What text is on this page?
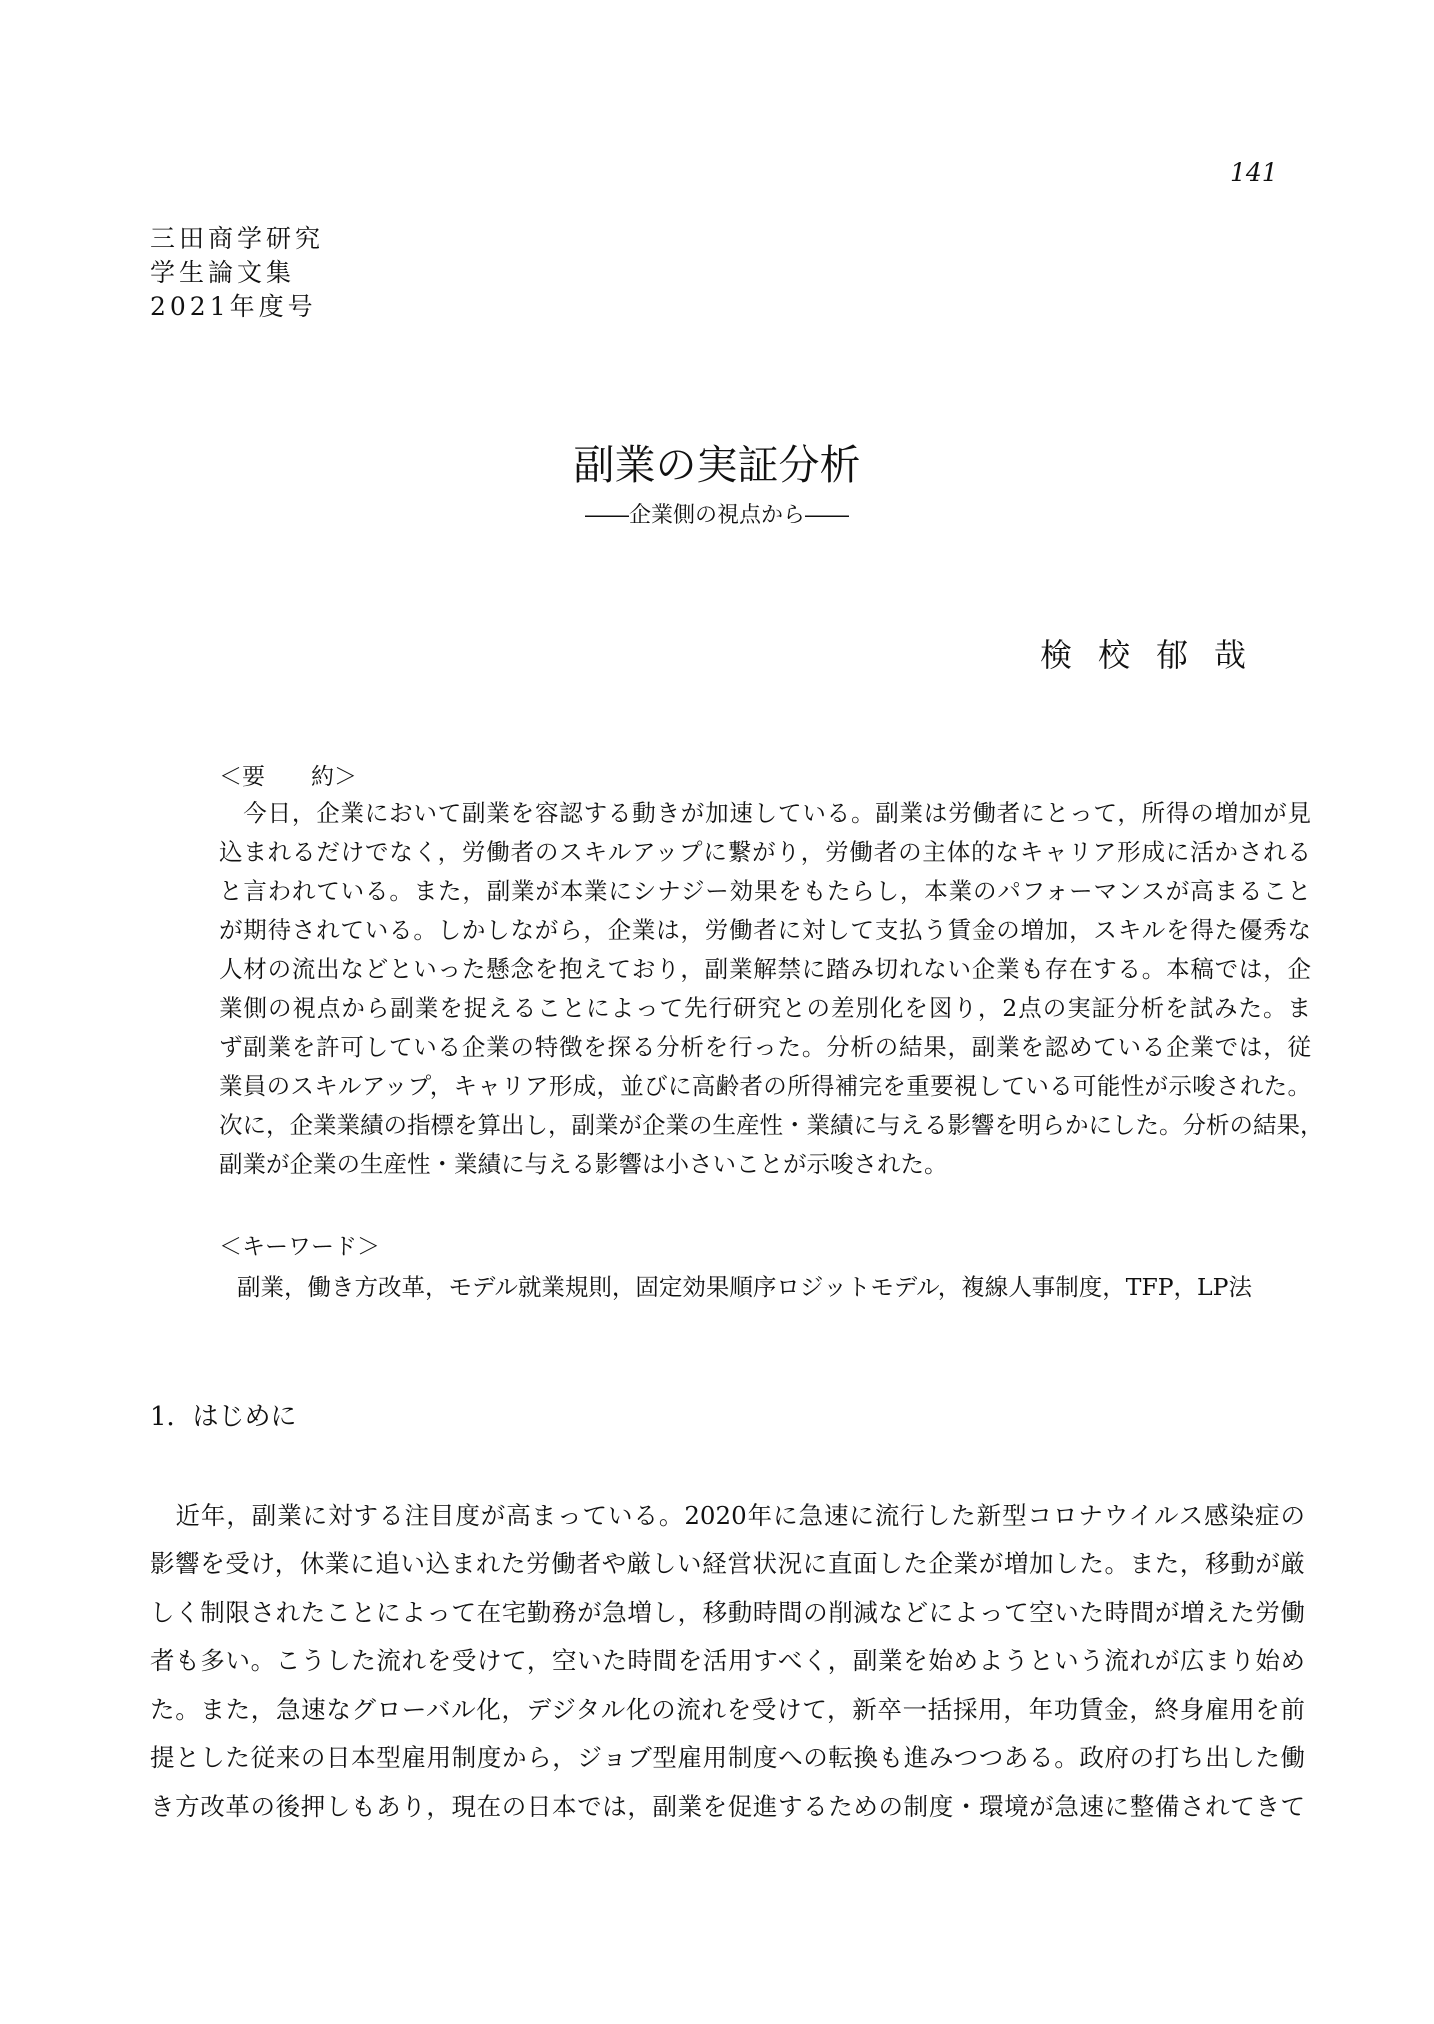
141
三田商学研究
学生論文集
2021年度号
副業の実証分析
――企業側の視点から――
検校郁哉
＜要　　約＞
　今日，企業において副業を容認する動きが加速している。副業は労働者にとって，所得の増加が見
込まれるだけでなく，労働者のスキルアップに繋がり，労働者の主体的なキャリア形成に活かされる
と言われている。また，副業が本業にシナジー効果をもたらし，本業のパフォーマンスが高まること
が期待されている。しかしながら，企業は，労働者に対して支払う賃金の増加，スキルを得た優秀な
人材の流出などといった懸念を抱えており，副業解禁に踏み切れない企業も存在する。本稿では，企
業側の視点から副業を捉えることによって先行研究との差別化を図り，2点の実証分析を試みた。ま
ず副業を許可している企業の特徴を探る分析を行った。分析の結果，副業を認めている企業では，従
業員のスキルアップ，キャリア形成，並びに高齢者の所得補完を重要視している可能性が示唆された。
次に，企業業績の指標を算出し，副業が企業の生産性・業績に与える影響を明らかにした。分析の結果，
副業が企業の生産性・業績に与える影響は小さいことが示唆された。
＜キーワード＞
副業，働き方改革，モデル就業規則，固定効果順序ロジットモデル，複線人事制度，TFP，LP法
1．はじめに
　近年，副業に対する注目度が高まっている。2020年に急速に流行した新型コロナウイルス感染症の
影響を受け，休業に追い込まれた労働者や厳しい経営状況に直面した企業が増加した。また，移動が厳
しく制限されたことによって在宅勤務が急増し，移動時間の削減などによって空いた時間が増えた労働
者も多い。こうした流れを受けて，空いた時間を活用すべく，副業を始めようという流れが広まり始め
た。また，急速なグローバル化，デジタル化の流れを受けて，新卒一括採用，年功賃金，終身雇用を前
提とした従来の日本型雇用制度から，ジョブ型雇用制度への転換も進みつつある。政府の打ち出した働
き方改革の後押しもあり，現在の日本では，副業を促進するための制度・環境が急速に整備されてきて
